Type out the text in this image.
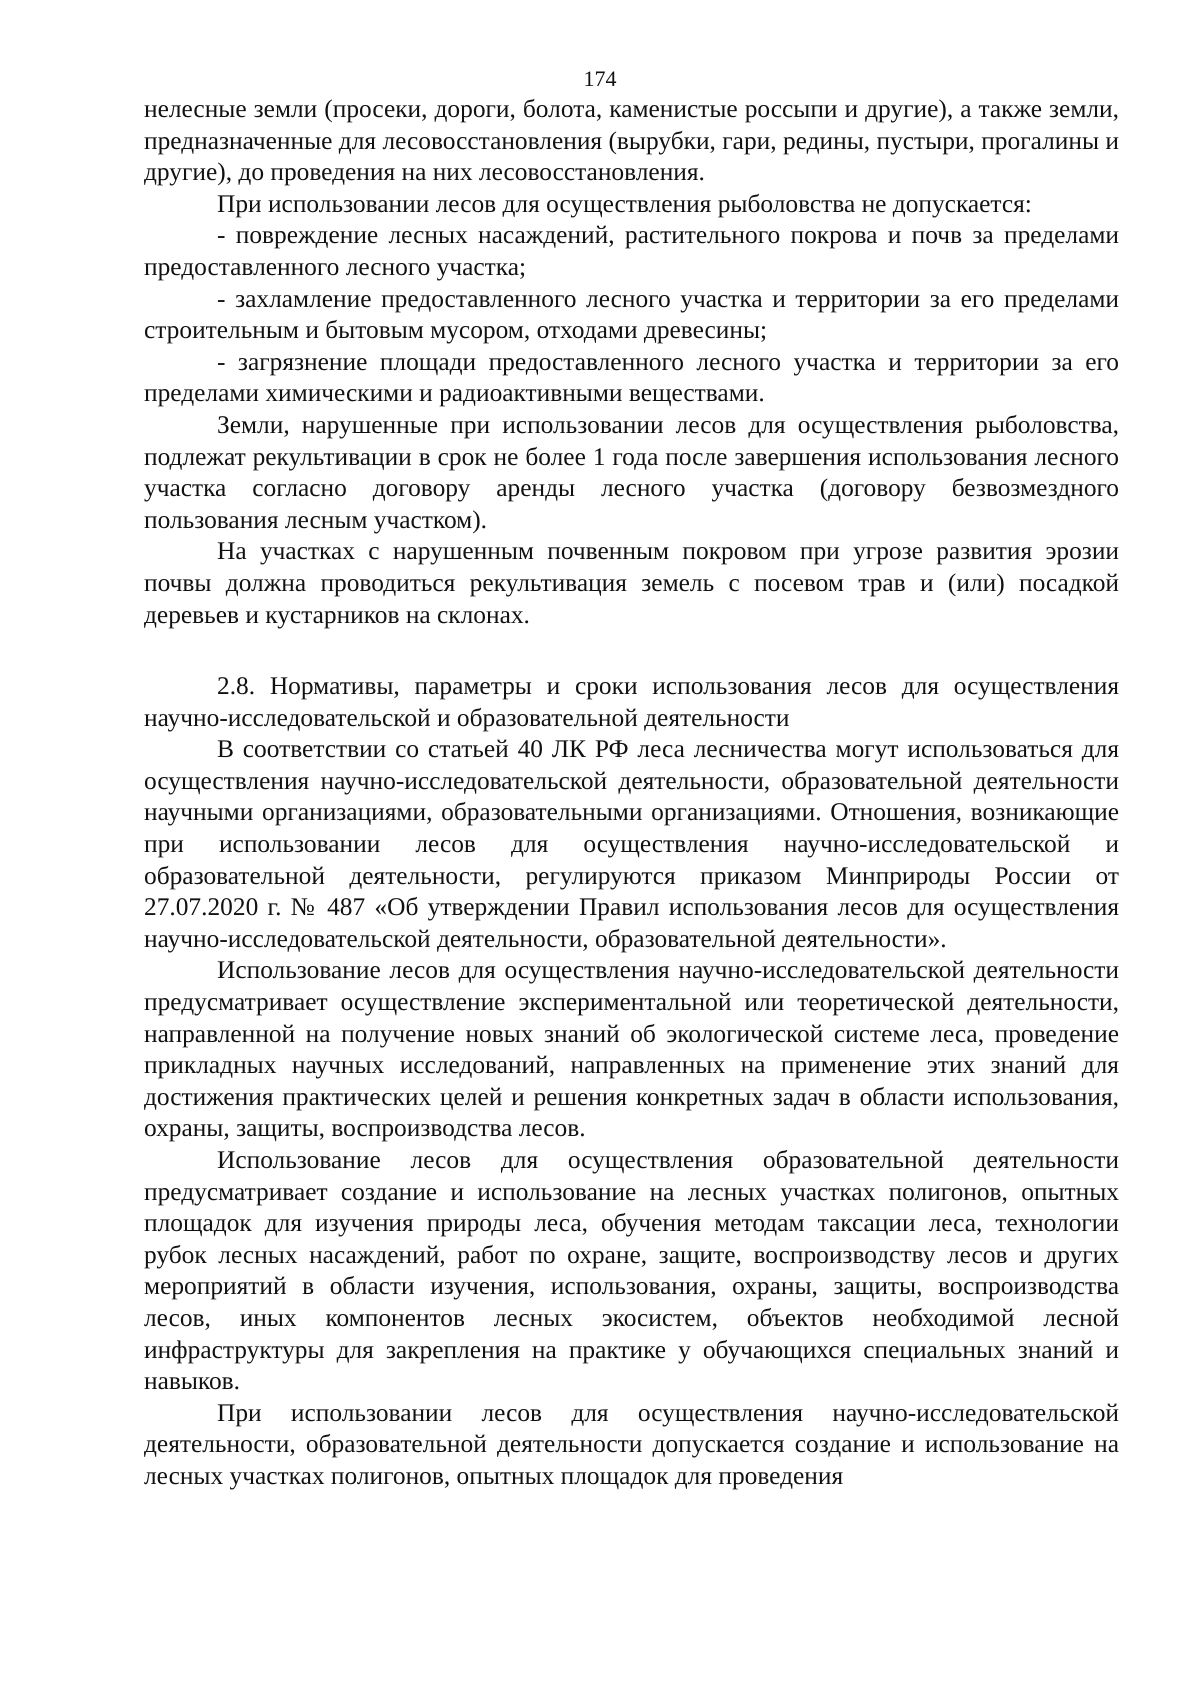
174

нелесные земли (просеки, дороги, болота, каменистые россыпи и другие), а также земли, предназначенные для лесовосстановления (вырубки, гари, редины, пустыри, прогалины и другие), до проведения на них лесовосстановления.

При использовании лесов для осуществления рыболовства не допускается:

- повреждение лесных насаждений, растительного покрова и почв за пределами предоставленного лесного участка;

- захламление предоставленного лесного участка и территории за его пределами строительным и бытовым мусором, отходами древесины;

- загрязнение площади предоставленного лесного участка и территории за его пределами химическими и радиоактивными веществами.

Земли, нарушенные при использовании лесов для осуществления рыболовства, подлежат рекультивации в срок не более 1 года после завершения использования лесного участка согласно договору аренды лесного участка (договору безвозмездного пользования лесным участком).

На участках с нарушенным почвенным покровом при угрозе развития эрозии почвы должна проводиться рекультивация земель с посевом трав и (или) посадкой деревьев и кустарников на склонах.

2.8. Нормативы, параметры и сроки использования лесов для осуществления научно-исследовательской и образовательной деятельности

В соответствии со статьей 40 ЛК РФ леса лесничества могут использоваться для осуществления научно-исследовательской деятельности, образовательной деятельности научными организациями, образовательными организациями. Отношения, возникающие при использовании лесов для осуществления научно-исследовательской и образовательной деятельности, регулируются приказом Минприроды России от 27.07.2020 г. № 487 «Об утверждении Правил использования лесов для осуществления научно-исследовательской деятельности, образовательной деятельности».

Использование лесов для осуществления научно-исследовательской деятельности предусматривает осуществление экспериментальной или теоретической деятельности, направленной на получение новых знаний об экологической системе леса, проведение прикладных научных исследований, направленных на применение этих знаний для достижения практических целей и решения конкретных задач в области использования, охраны, защиты, воспроизводства лесов.

Использование лесов для осуществления образовательной деятельности предусматривает создание и использование на лесных участках полигонов, опытных площадок для изучения природы леса, обучения методам таксации леса, технологии рубок лесных насаждений, работ по охране, защите, воспроизводству лесов и других мероприятий в области изучения, использования, охраны, защиты, воспроизводства лесов, иных компонентов лесных экосистем, объектов необходимой лесной инфраструктуры для закрепления на практике у обучающихся специальных знаний и навыков.

При использовании лесов для осуществления научно-исследовательской деятельности, образовательной деятельности допускается создание и использование на лесных участках полигонов, опытных площадок для проведения
